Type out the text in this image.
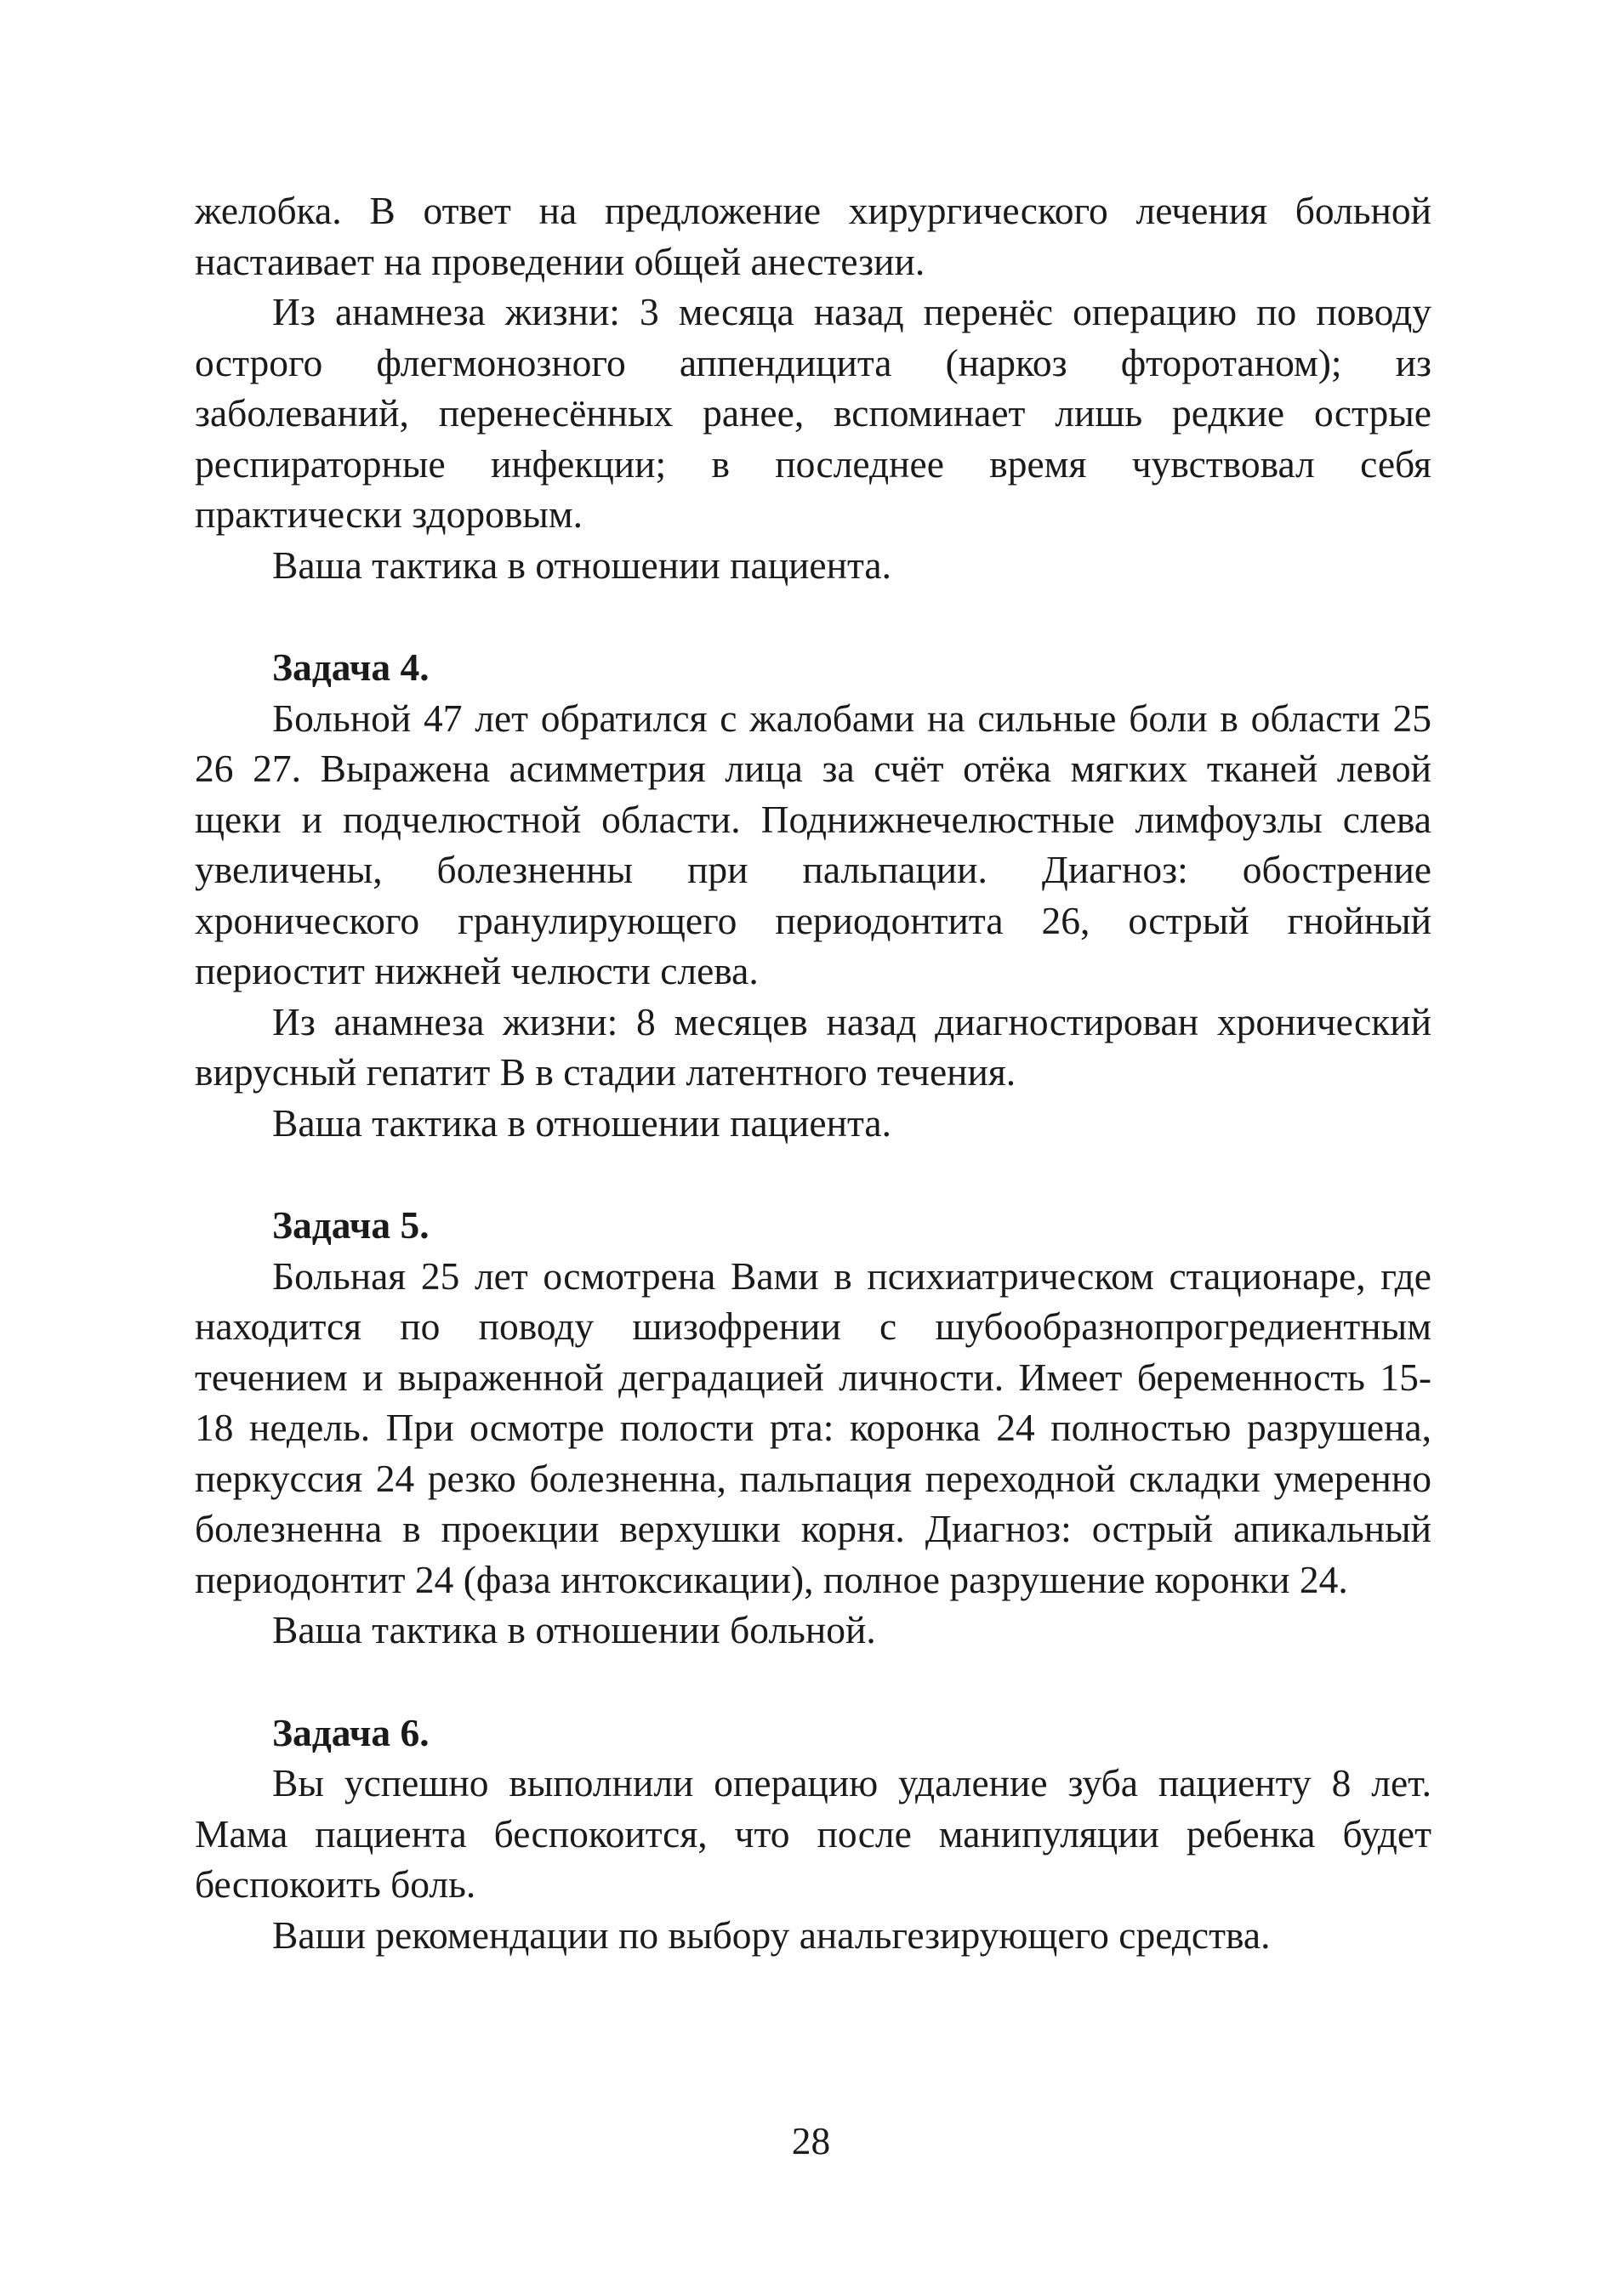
желобка. В ответ на предложение хирургического лечения больной настаивает на проведении общей анестезии.

Из анамнеза жизни: 3 месяца назад перенёс операцию по поводу острого флегмонозного аппендицита (наркоз фторотаном); из заболеваний, перенесённых ранее, вспоминает лишь редкие острые респираторные инфекции; в последнее время чувствовал себя практически здоровым.

Ваша тактика в отношении пациента.

Задача 4.

Больной 47 лет обратился с жалобами на сильные боли в области 25 26 27. Выражена асимметрия лица за счёт отёка мягких тканей левой щеки и подчелюстной области. Поднижнечелюстные лимфоузлы слева увеличены, болезненны при пальпации. Диагноз: обострение хронического гранулирующего периодонтита 26, острый гнойный периостит нижней челюсти слева.

Из анамнеза жизни: 8 месяцев назад диагностирован хронический вирусный гепатит В в стадии латентного течения.

Ваша тактика в отношении пациента.

Задача 5.

Больная 25 лет осмотрена Вами в психиатрическом стационаре, где находится по поводу шизофрении с шубообразнопрогредиентным течением и выраженной деградацией личности. Имеет беременность 15-18 недель. При осмотре полости рта: коронка 24 полностью разрушена, перкуссия 24 резко болезненна, пальпация переходной складки умеренно болезненна в проекции верхушки корня. Диагноз: острый апикальный периодонтит 24 (фаза интоксикации), полное разрушение коронки 24.

Ваша тактика в отношении больной.

Задача 6.

Вы успешно выполнили операцию удаление зуба пациенту 8 лет. Мама пациента беспокоится, что после манипуляции ребенка будет беспокоить боль.

Ваши рекомендации по выбору анальгезирующего средства.

28
